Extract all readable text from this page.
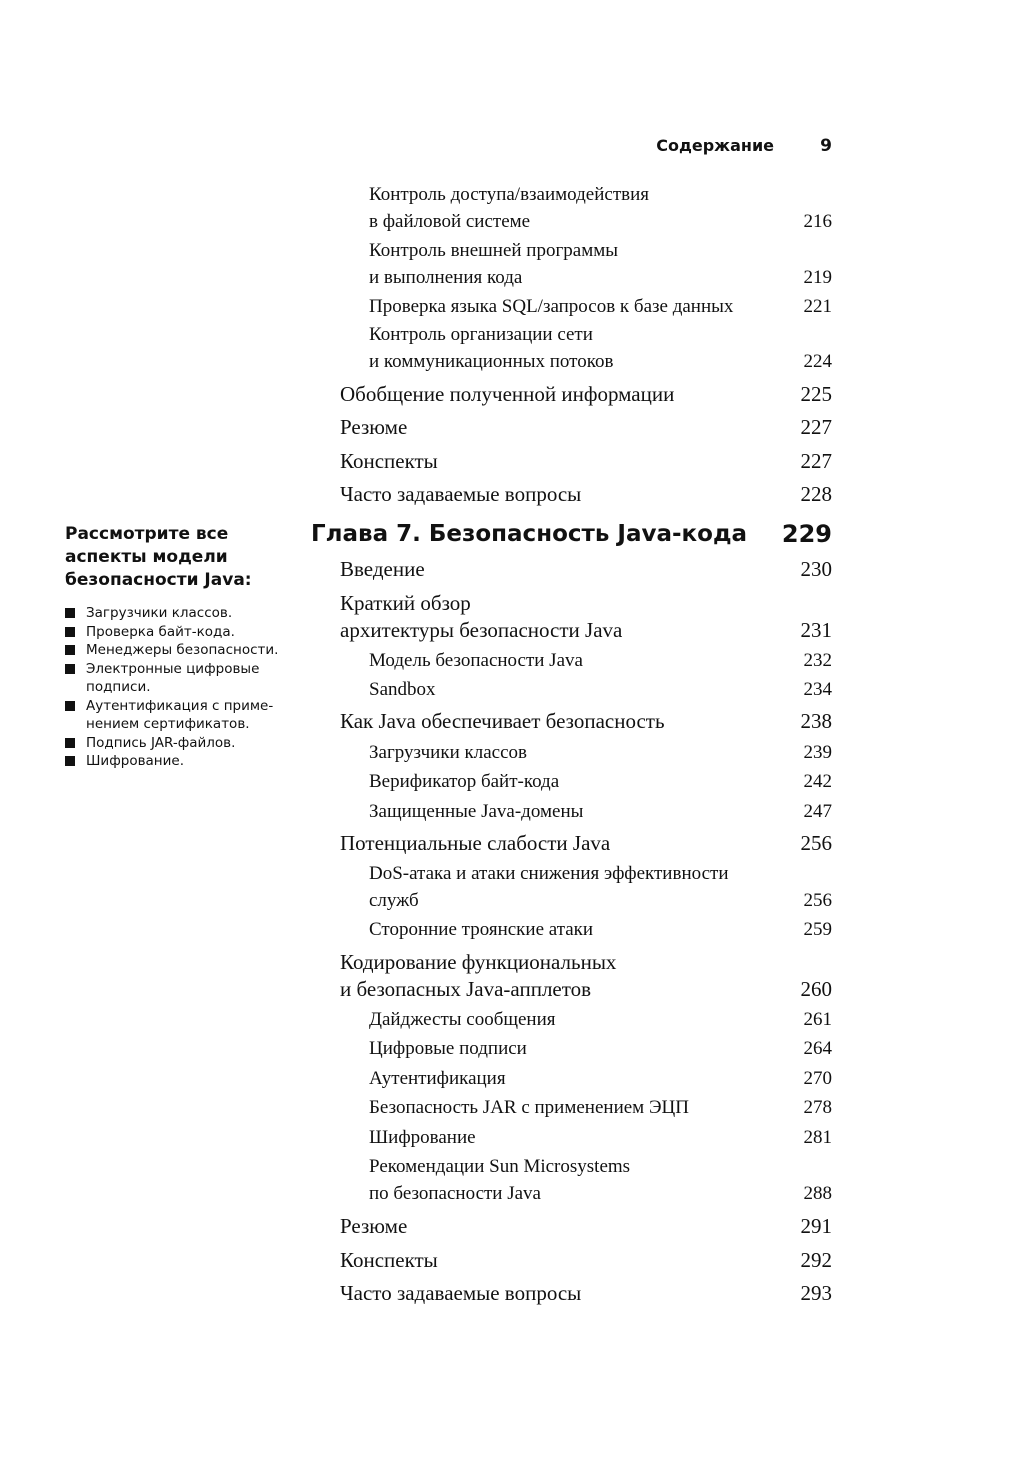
Содержание	9
Контроль доступа/взаимодействия
в файловой системе	216
Контроль внешней программы
и выполнения кода	219
Проверка языка SQL/запросов к базе данных	221
Контроль организации сети
и коммуникационных потоков	224
Обобщение полученной информации	225
Резюме	227
Конспекты	227
Часто задаваемые вопросы	228
Глава 7. Безопасность Java-кода	229
Введение	230
Краткий обзор
архитектуры безопасности Java	231
Модель безопасности Java	232
Sandbox	234
Как Java обеспечивает безопасность	238
Загрузчики классов	239
Верификатор байт-кода	242
Защищенные Java-домены	247
Потенциальные слабости Java	256
DoS-атака и атаки снижения эффективности
служб	256
Сторонние троянские атаки	259
Кодирование функциональных
и безопасных Java-апплетов	260
Дайджесты сообщения	261
Цифровые подписи	264
Аутентификация	270
Безопасность JAR с применением ЭЦП	278
Шифрование	281
Рекомендации Sun Microsystems
по безопасности Java	288
Резюме	291
Конспекты	292
Часто задаваемые вопросы	293
Рассмотрите все
аспекты модели
безопасности Java:
Загрузчики классов.
Проверка байт-кода.
Менеджеры безопасности.
Электронные цифровые
подписи.
Аутентификация с приме-
нением сертификатов.
Подпись JAR-файлов.
Шифрование.
